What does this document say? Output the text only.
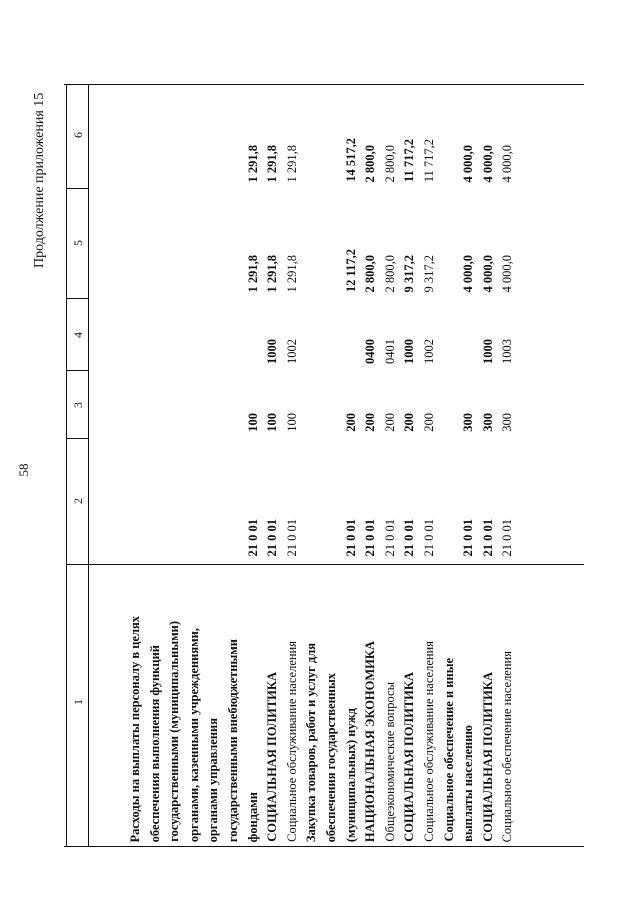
58
Продолжение приложения 15
1
2
3
4
5
6
Расходы на выплаты персоналу в целях обеспечения выполнения функций государственными (муниципальными) органами, казенными учреждениями, органами управления государственными внебюджетными фондами
21 0 01
100
1 291,8
1 291,8
СОЦИАЛЬНАЯ ПОЛИТИКА
21 0 01
100
1000
1 291,8
1 291,8
Социальное обслуживание населения
21 0 01
100
1002
1 291,8
1 291,8
Закупка товаров, работ и услуг для обеспечения государственных (муниципальных) нужд
21 0 01
200
12 117,2
14 517,2
НАЦИОНАЛЬНАЯ ЭКОНОМИКА
21 0 01
200
0400
2 800,0
2 800,0
Общеэкономические вопросы
21 0 01
200
0401
2 800,0
2 800,0
СОЦИАЛЬНАЯ ПОЛИТИКА
21 0 01
200
1000
9 317,2
11 717,2
Социальное обслуживание населения
21 0 01
200
1002
9 317,2
11 717,2
Социальное обеспечение и иные выплаты населению
21 0 01
300
4 000,0
4 000,0
СОЦИАЛЬНАЯ ПОЛИТИКА
21 0 01
300
1000
4 000,0
4 000,0
Социальное обеспечение населения
21 0 01
300
1003
4 000,0
4 000,0
